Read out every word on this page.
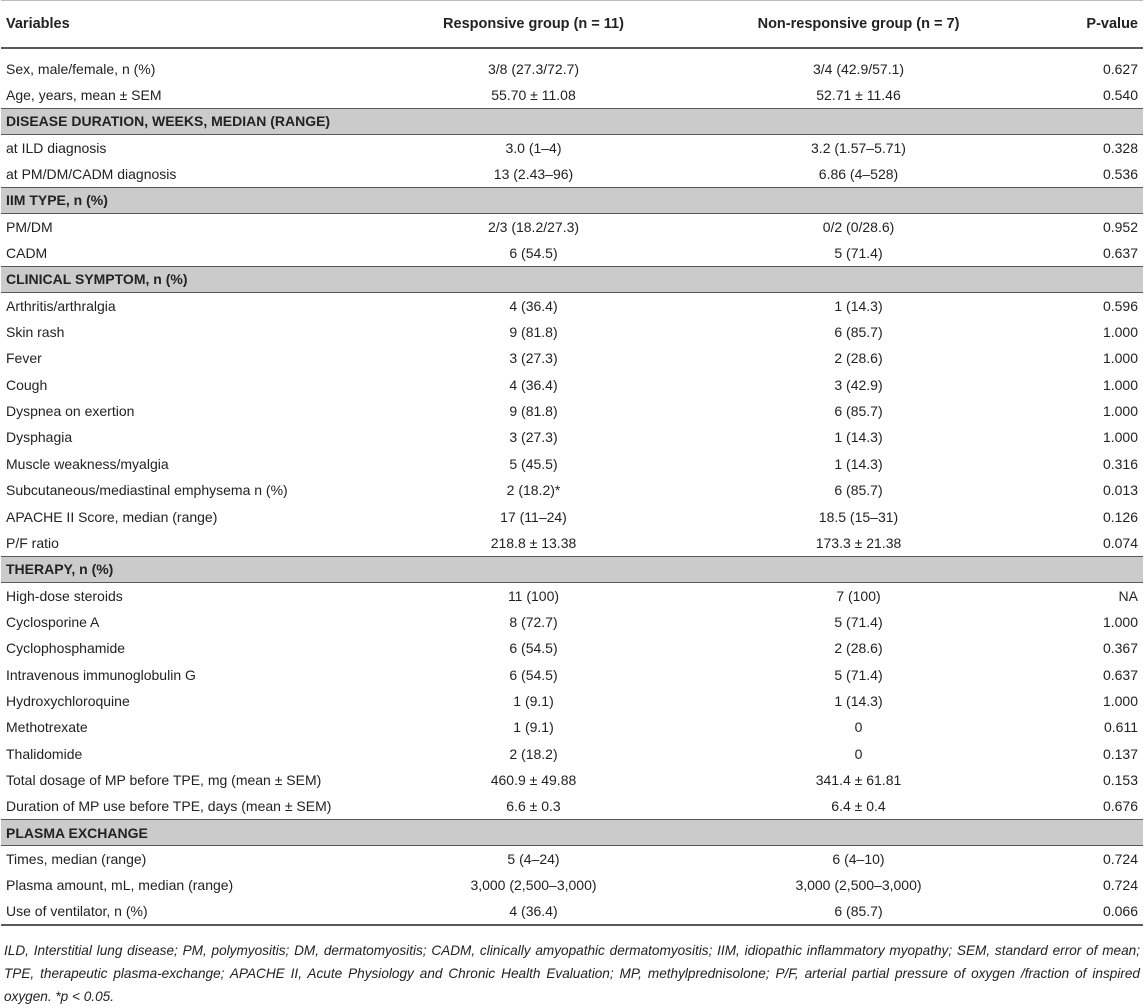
Variables	Responsive group (n = 11)	Non-responsive group (n = 7)	P-value

Sex, male/female, n (%)	3/8 (27.3/72.7)	3/4 (42.9/57.1)	0.627
Age, years, mean ± SEM	55.70 ± 11.08	52.71 ± 11.46	0.540
DISEASE DURATION, WEEKS, MEDIAN (RANGE)			
at ILD diagnosis	3.0 (1–4)	3.2 (1.57–5.71)	0.328
at PM/DM/CADM diagnosis	13 (2.43–96)	6.86 (4–528)	0.536
IIM TYPE, n (%)			
PM/DM	2/3 (18.2/27.3)	0/2 (0/28.6)	0.952
CADM	6 (54.5)	5 (71.4)	0.637
CLINICAL SYMPTOM, n (%)			
Arthritis/arthralgia	4 (36.4)	1 (14.3)	0.596
Skin rash	9 (81.8)	6 (85.7)	1.000
Fever	3 (27.3)	2 (28.6)	1.000
Cough	4 (36.4)	3 (42.9)	1.000
Dyspnea on exertion	9 (81.8)	6 (85.7)	1.000
Dysphagia	3 (27.3)	1 (14.3)	1.000
Muscle weakness/myalgia	5 (45.5)	1 (14.3)	0.316
Subcutaneous/mediastinal emphysema n (%)	2 (18.2)*	6 (85.7)	0.013
APACHE II Score, median (range)	17 (11–24)	18.5 (15–31)	0.126
P/F ratio	218.8 ± 13.38	173.3 ± 21.38	0.074
THERAPY, n (%)			
High-dose steroids	11 (100)	7 (100)	NA
Cyclosporine A	8 (72.7)	5 (71.4)	1.000
Cyclophosphamide	6 (54.5)	2 (28.6)	0.367
Intravenous immunoglobulin G	6 (54.5)	5 (71.4)	0.637
Hydroxychloroquine	1 (9.1)	1 (14.3)	1.000
Methotrexate	1 (9.1)	0	0.611
Thalidomide	2 (18.2)	0	0.137
Total dosage of MP before TPE, mg (mean ± SEM)	460.9 ± 49.88	341.4 ± 61.81	0.153
Duration of MP use before TPE, days (mean ± SEM)	6.6 ± 0.3	6.4 ± 0.4	0.676
PLASMA EXCHANGE			
Times, median (range)	5 (4–24)	6 (4–10)	0.724
Plasma amount, mL, median (range)	3,000 (2,500–3,000)	3,000 (2,500–3,000)	0.724
Use of ventilator, n (%)	4 (36.4)	6 (85.7)	0.066
ILD, Interstitial lung disease; PM, polymyositis; DM, dermatomyositis; CADM, clinically amyopathic dermatomyositis; IIM, idiopathic inflammatory myopathy; SEM, standard error of mean; TPE, therapeutic plasma-exchange; APACHE II, Acute Physiology and Chronic Health Evaluation; MP, methylprednisolone; P/F, arterial partial pressure of oxygen /fraction of inspired oxygen. *p < 0.05.
